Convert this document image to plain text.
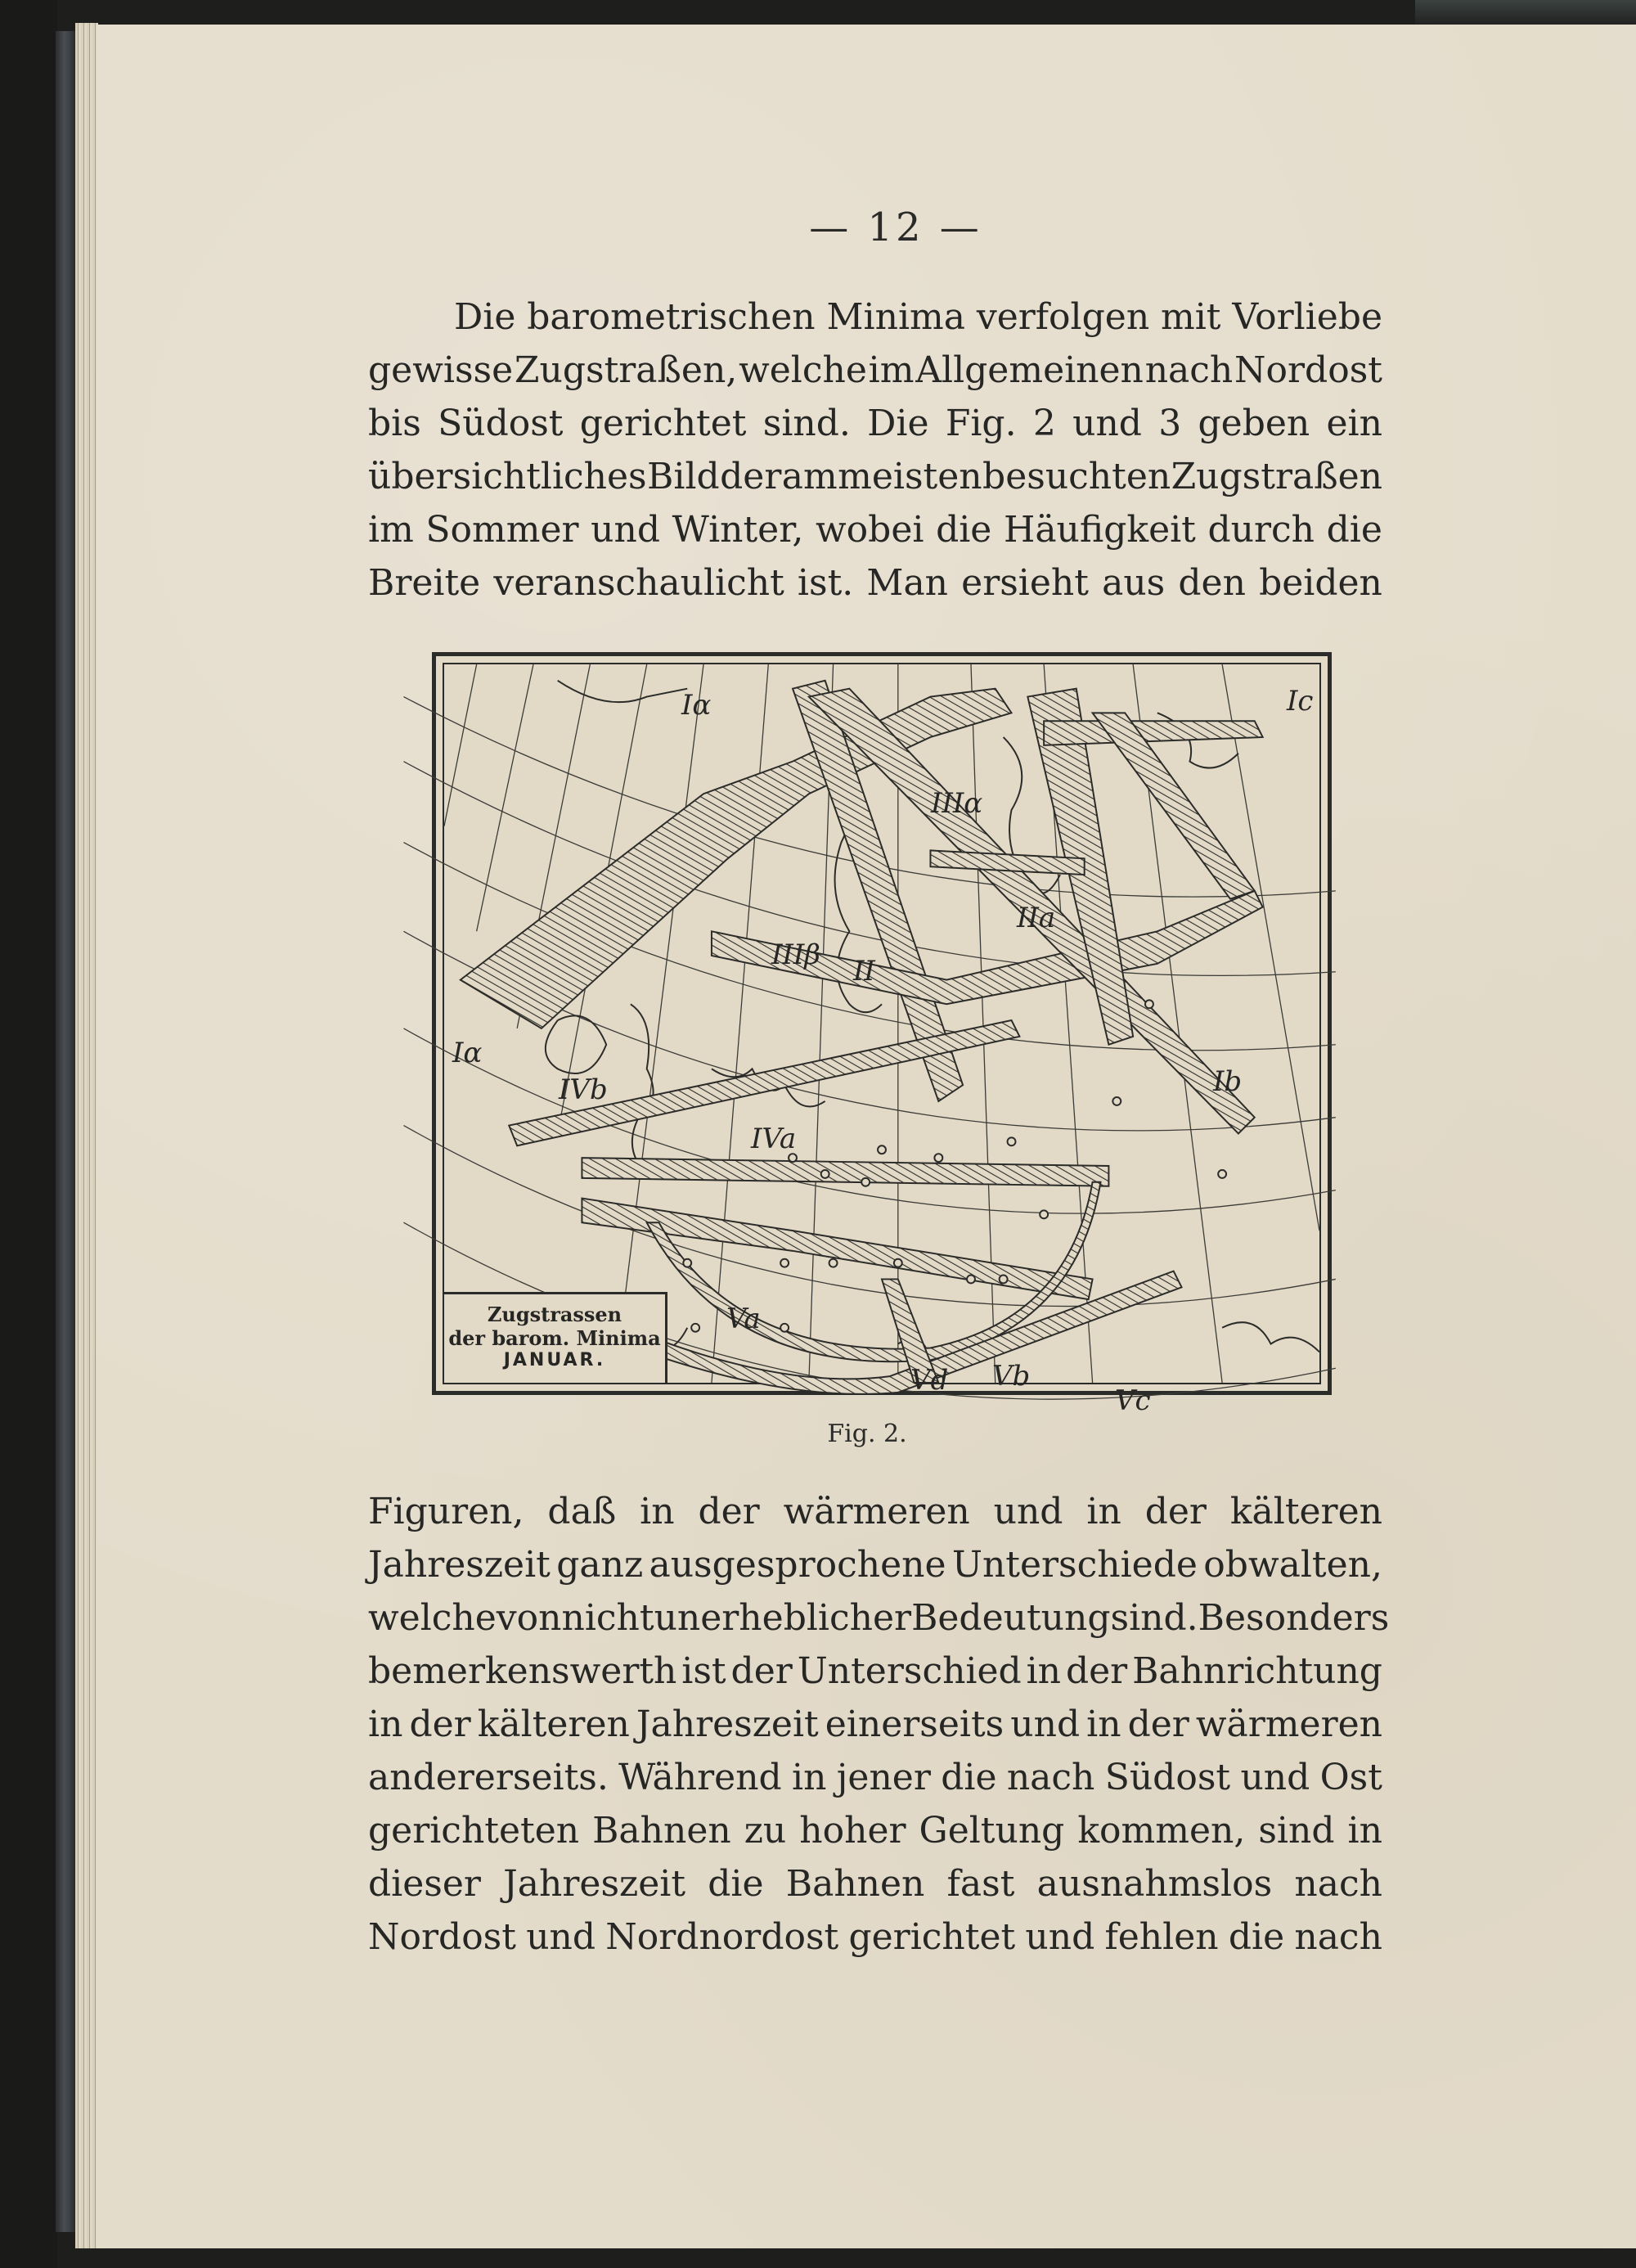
— 12 —
Die barometrischen Minima verfolgen mit Vorliebe
gewisse Zugstraßen, welche im Allgemeinen nach Nordost
bis Südost gerichtet sind. Die Fig. 2 und 3 geben ein
übersichtliches Bild der am meisten besuchten Zugstraßen
im Sommer und Winter, wobei die Häufigkeit durch die
Breite veranschaulicht ist. Man ersieht aus den beiden
Iα
Iα
Ib
Ic
II
IIa
IIIα
IIIβ
IVa
IVb
Va
Vb
Vc
Vd
Zugstrassen
der barom. Minima
JANUAR.
Fig. 2.
Figuren, daß in der wärmeren und in der kälteren
Jahreszeit ganz ausgesprochene Unterschiede obwalten,
welche von nicht unerheblicher Bedeutung sind. Besonders
bemerkenswerth ist der Unterschied in der Bahnrichtung
in der kälteren Jahreszeit einerseits und in der wärmeren
andererseits. Während in jener die nach Südost und Ost
gerichteten Bahnen zu hoher Geltung kommen, sind in
dieser Jahreszeit die Bahnen fast ausnahmslos nach
Nordost und Nordnordost gerichtet und fehlen die nach
